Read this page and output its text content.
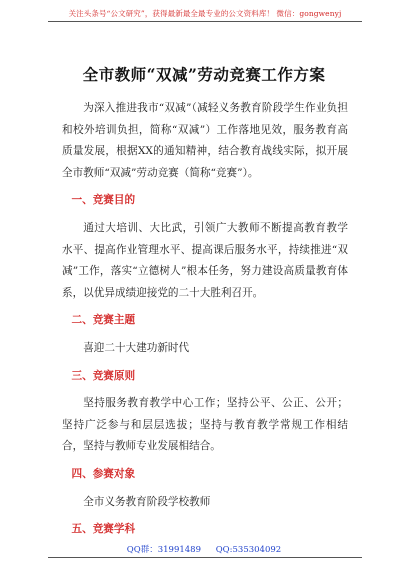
关注头条号“公文研究”，获得最新最全最专业的公文资料库！ 微信：gongwenyj
全市教师“双减”劳动竞赛工作方案

为深入推进我市“双减”（减轻义务教育阶段学生作业负担和校外培训负担，简称“双减”）工作落地见效，服务教育高质量发展，根据XX的通知精神，结合教育战线实际，拟开展全市教师“双减”劳动竞赛（简称“竞赛”）。

一、竞赛目的

通过大培训、大比武，引领广大教师不断提高教育教学水平、提高作业管理水平、提高课后服务水平，持续推进“双减”工作，落实“立德树人”根本任务，努力建设高质量教育体系，以优异成绩迎接党的二十大胜利召开。

二、竞赛主题

喜迎二十大建功新时代

三、竞赛原则

坚持服务教育教学中心工作；坚持公平、公正、公开；坚持广泛参与和层层选拔；坚持与教育教学常规工作相结合，坚持与教师专业发展相结合。

四、参赛对象

全市义务教育阶段学校教师

五、竞赛学科
QQ群：31991489 QQ:535304092
